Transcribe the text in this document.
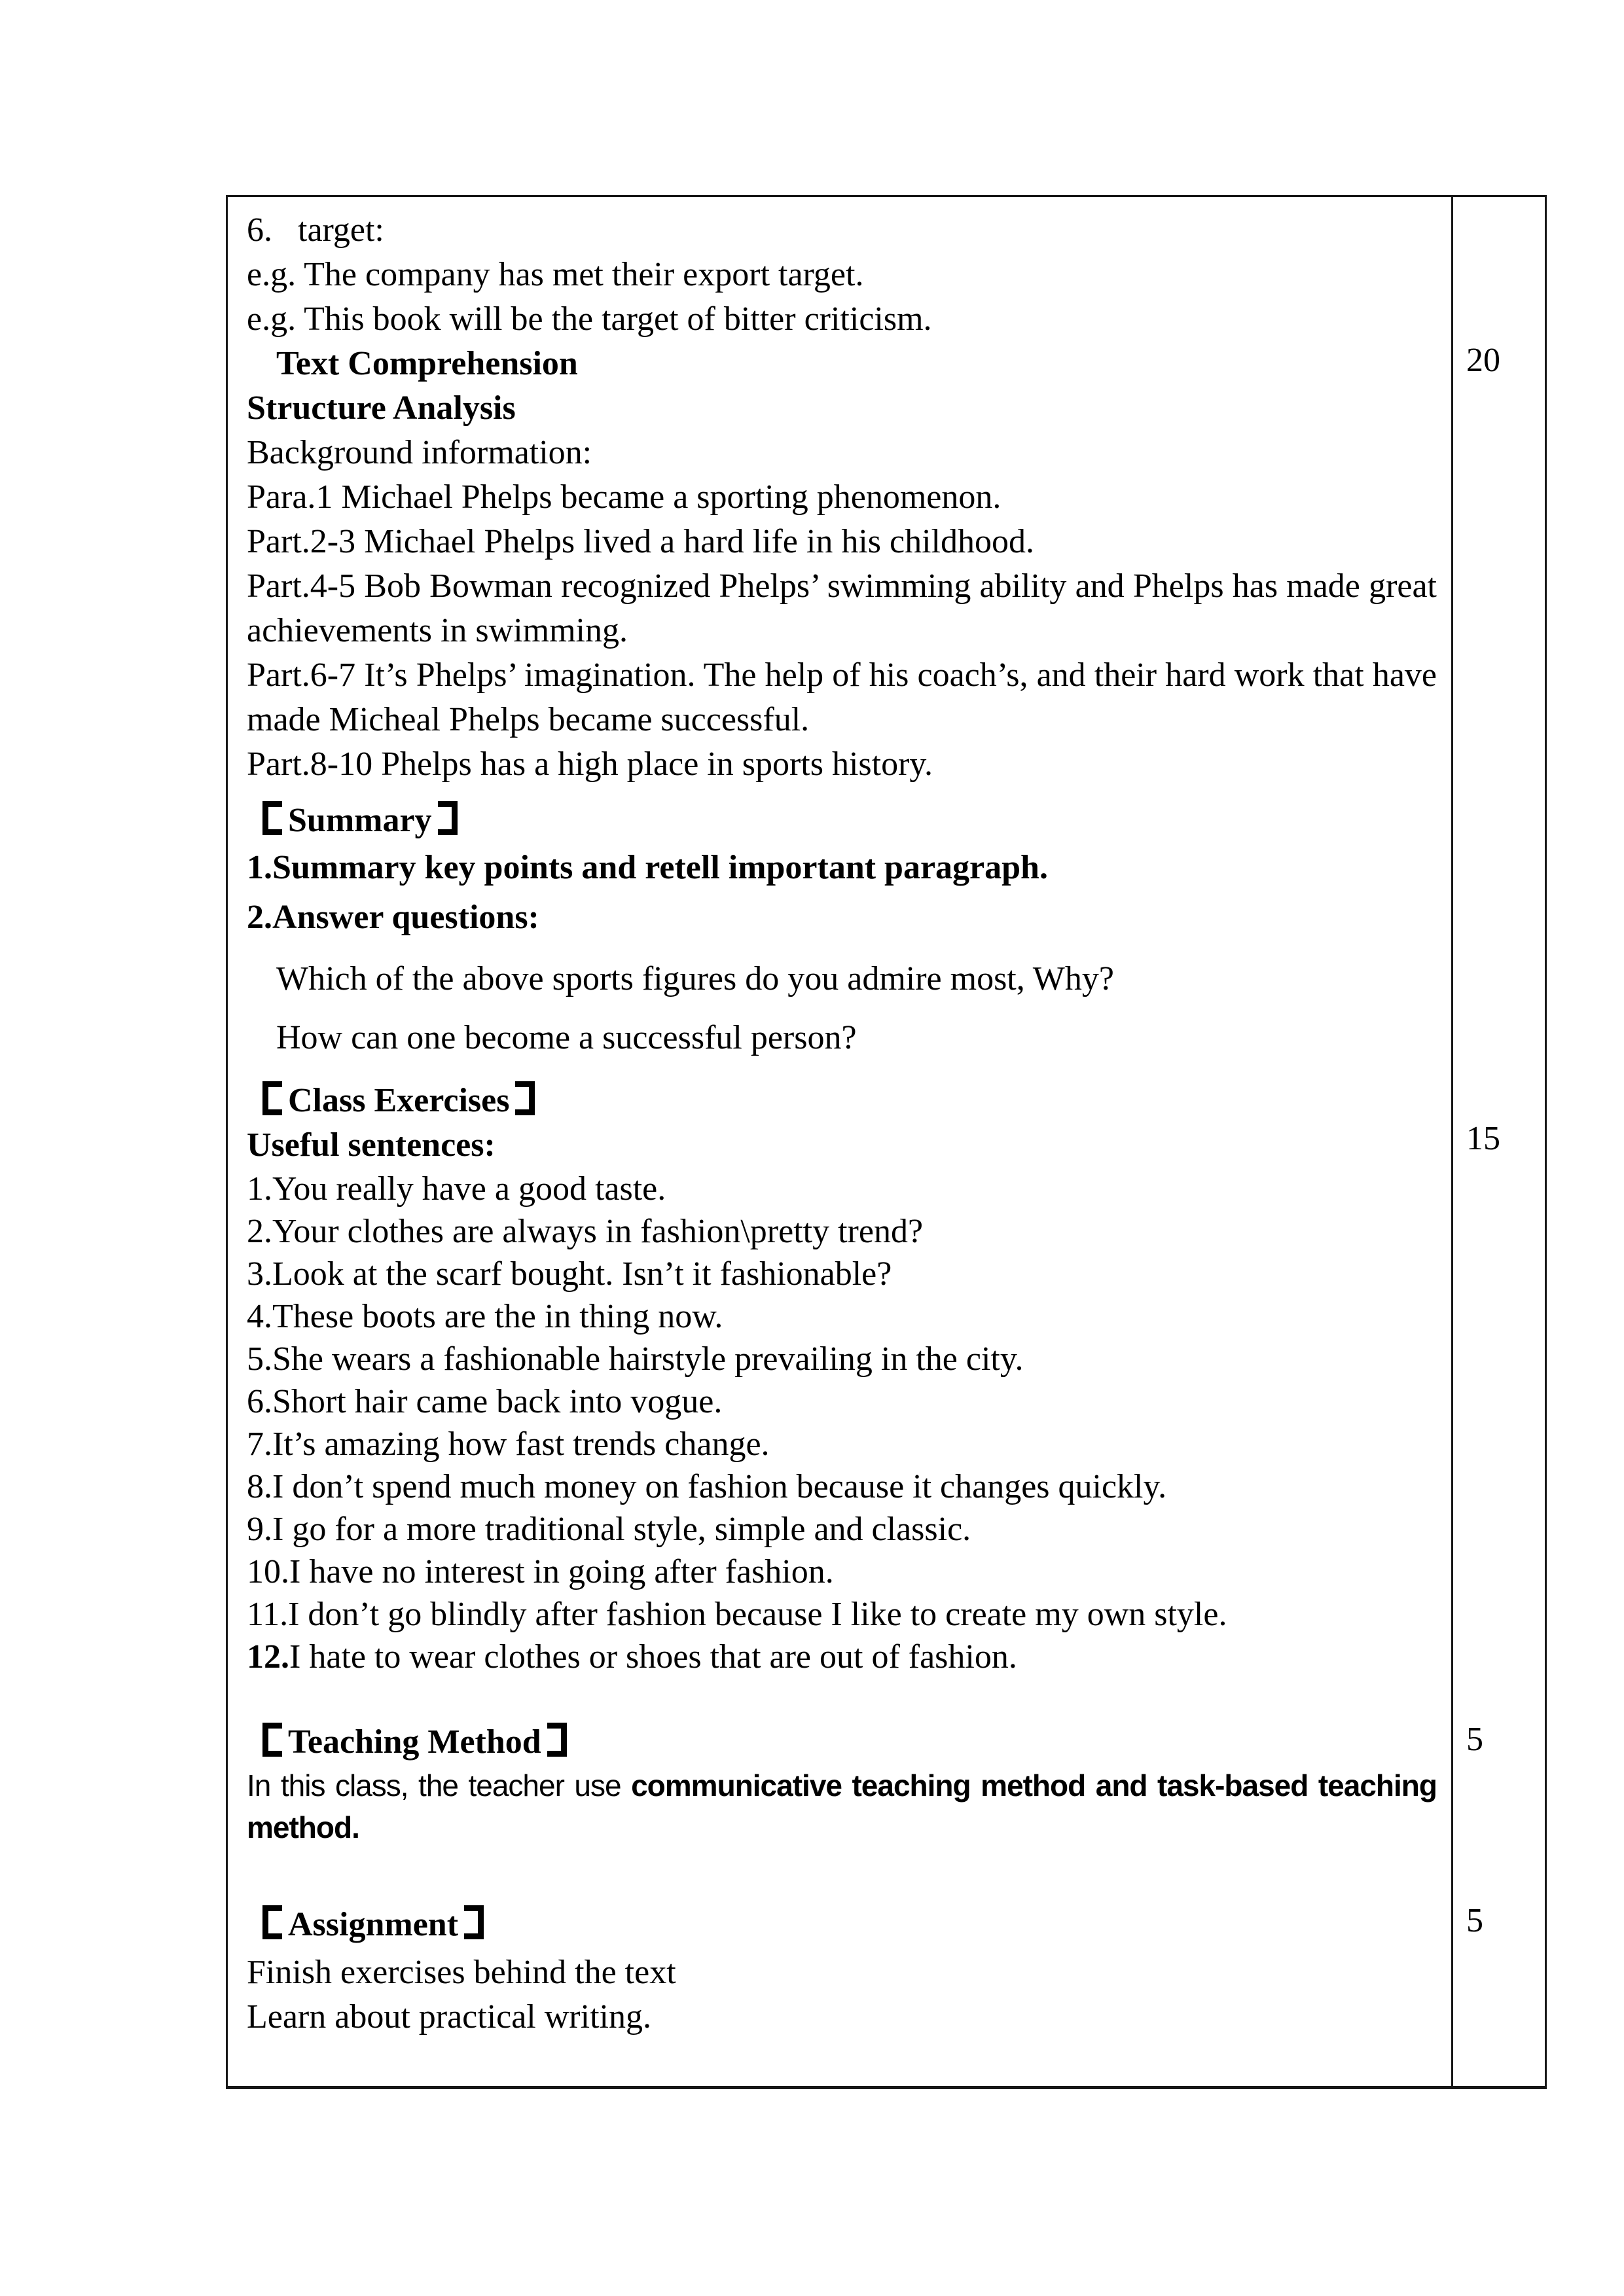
6.   target:

e.g. The company has met their export target.

e.g. This book will be the target of bitter criticism.

Text Comprehension

Structure Analysis

Background information:

Para.1 Michael Phelps became a sporting phenomenon.

Part.2-3 Michael Phelps lived a hard life in his childhood.

Part.4-5 Bob Bowman recognized Phelps’ swimming ability and Phelps has made great achievements in swimming.

Part.6-7 It’s Phelps’ imagination. The help of his coach’s, and their hard work that have made Micheal Phelps became successful.

Part.8-10 Phelps has a high place in sports history.

Summary

1.Summary key points and retell important paragraph.

2.Answer questions:

Which of the above sports figures do you admire most, Why?

How can one become a successful person?

Class Exercises

Useful sentences:

1.You really have a good taste.

2.Your clothes are always in fashion\pretty trend?

3.Look at the scarf bought. Isn’t it fashionable?

4.These boots are the in thing now.

5.She wears a fashionable hairstyle prevailing in the city.

6.Short hair came back into vogue.

7.It’s amazing how fast trends change.

8.I don’t spend much money on fashion because it changes quickly.

9.I go for a more traditional style, simple and classic.

10.I have no interest in going after fashion.

11.I don’t go blindly after fashion because I like to create my own style.

12.I hate to wear clothes or shoes that are out of fashion.

Teaching Method

In this class, the teacher use communicative teaching method and task-based teaching method.

Assignment

Finish exercises behind the text

Learn about practical writing.

20
15
5
5
